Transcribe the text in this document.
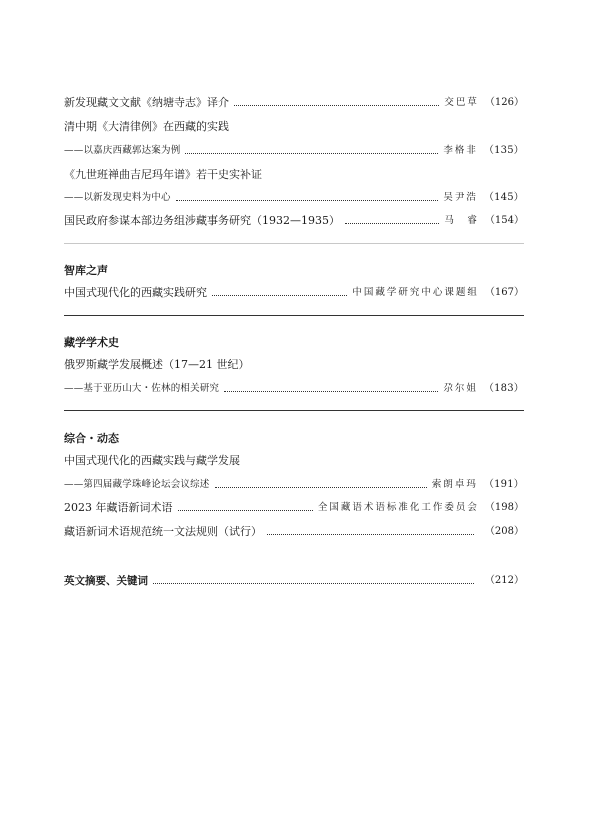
新发现藏文文献《纳塘寺志》译介	交巴草 （126）
清中期《大清律例》在西藏的实践
——以嘉庆西藏郭达案为例	李格非 （135）
《九世班禅曲吉尼玛年谱》若干史实补证
——以新发现史料为中心	吴尹浩 （145）
国民政府参谋本部边务组涉藏事务研究（1932—1935）	马　睿 （154）
智库之声
中国式现代化的西藏实践研究	中国藏学研究中心课题组 （167）
藏学学术史
俄罗斯藏学发展概述（17—21 世纪）
——基于亚历山大・佐林的相关研究	尕尔姐 （183）
综合・动态
中国式现代化的西藏实践与藏学发展
——第四届藏学珠峰论坛会议综述	索朗卓玛 （191）
2023 年藏语新词术语	全国藏语术语标准化工作委员会 （198）
藏语新词术语规范统一文法规则（试行）	（208）
英文摘要、关键词	（212）
